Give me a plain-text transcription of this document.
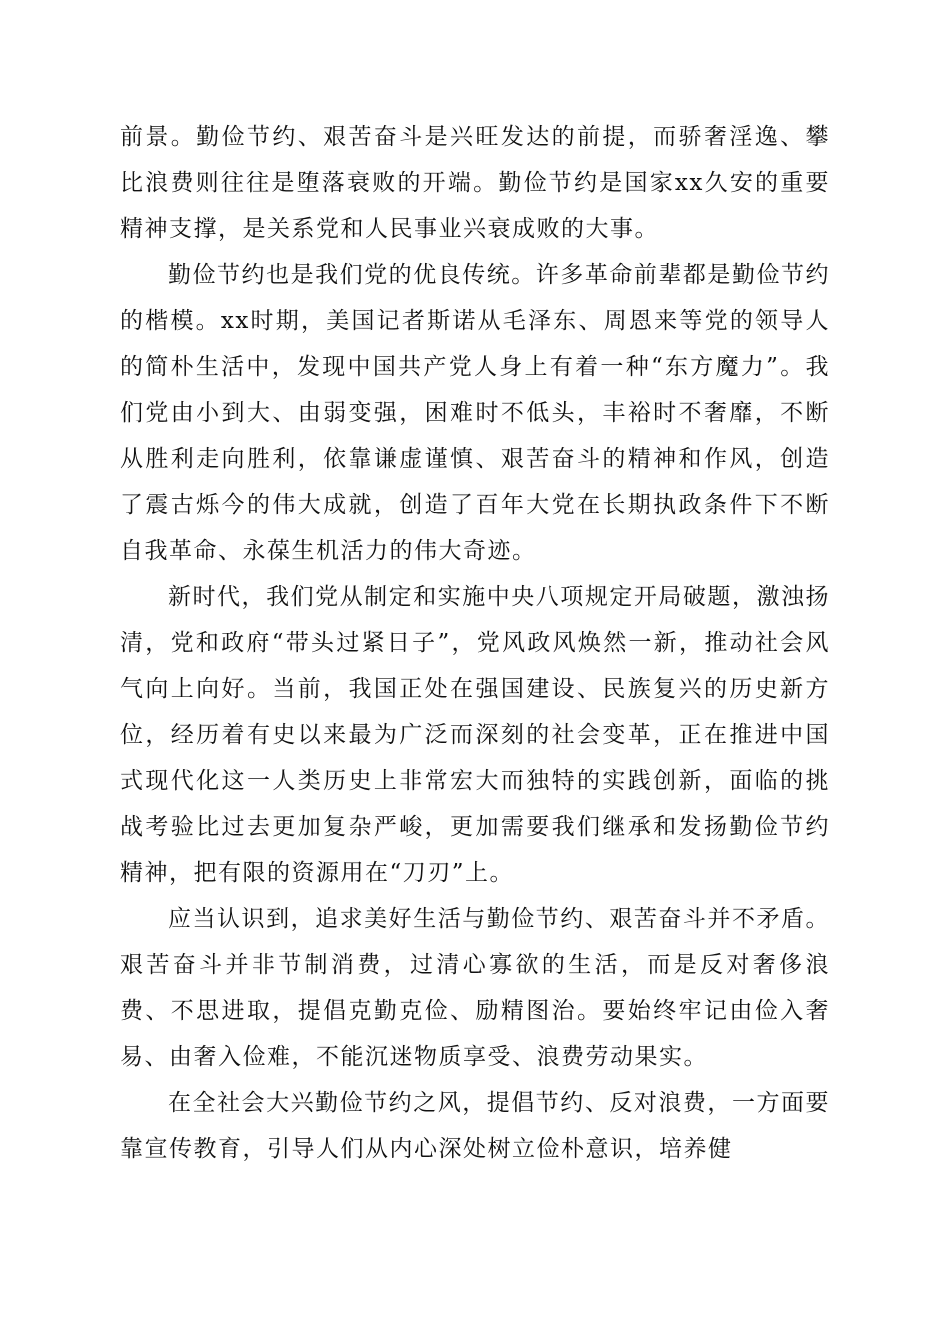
前景。勤俭节约、艰苦奋斗是兴旺发达的前提，而骄奢淫逸、攀比浪费则往往是堕落衰败的开端。勤俭节约是国家xx久安的重要精神支撑，是关系党和人民事业兴衰成败的大事。

勤俭节约也是我们党的优良传统。许多革命前辈都是勤俭节约的楷模。xx时期，美国记者斯诺从毛泽东、周恩来等党的领导人的简朴生活中，发现中国共产党人身上有着一种“东方魔力”。我们党由小到大、由弱变强，困难时不低头，丰裕时不奢靡，不断从胜利走向胜利，依靠谦虚谨慎、艰苦奋斗的精神和作风，创造了震古烁今的伟大成就，创造了百年大党在长期执政条件下不断自我革命、永葆生机活力的伟大奇迹。

新时代，我们党从制定和实施中央八项规定开局破题，激浊扬清，党和政府“带头过紧日子”，党风政风焕然一新，推动社会风气向上向好。当前，我国正处在强国建设、民族复兴的历史新方位，经历着有史以来最为广泛而深刻的社会变革，正在推进中国式现代化这一人类历史上非常宏大而独特的实践创新，面临的挑战考验比过去更加复杂严峻，更加需要我们继承和发扬勤俭节约精神，把有限的资源用在“刀刃”上。

应当认识到，追求美好生活与勤俭节约、艰苦奋斗并不矛盾。艰苦奋斗并非节制消费，过清心寡欲的生活，而是反对奢侈浪费、不思进取，提倡克勤克俭、励精图治。要始终牢记由俭入奢易、由奢入俭难，不能沉迷物质享受、浪费劳动果实。

在全社会大兴勤俭节约之风，提倡节约、反对浪费，一方面要靠宣传教育，引导人们从内心深处树立俭朴意识，培养健
